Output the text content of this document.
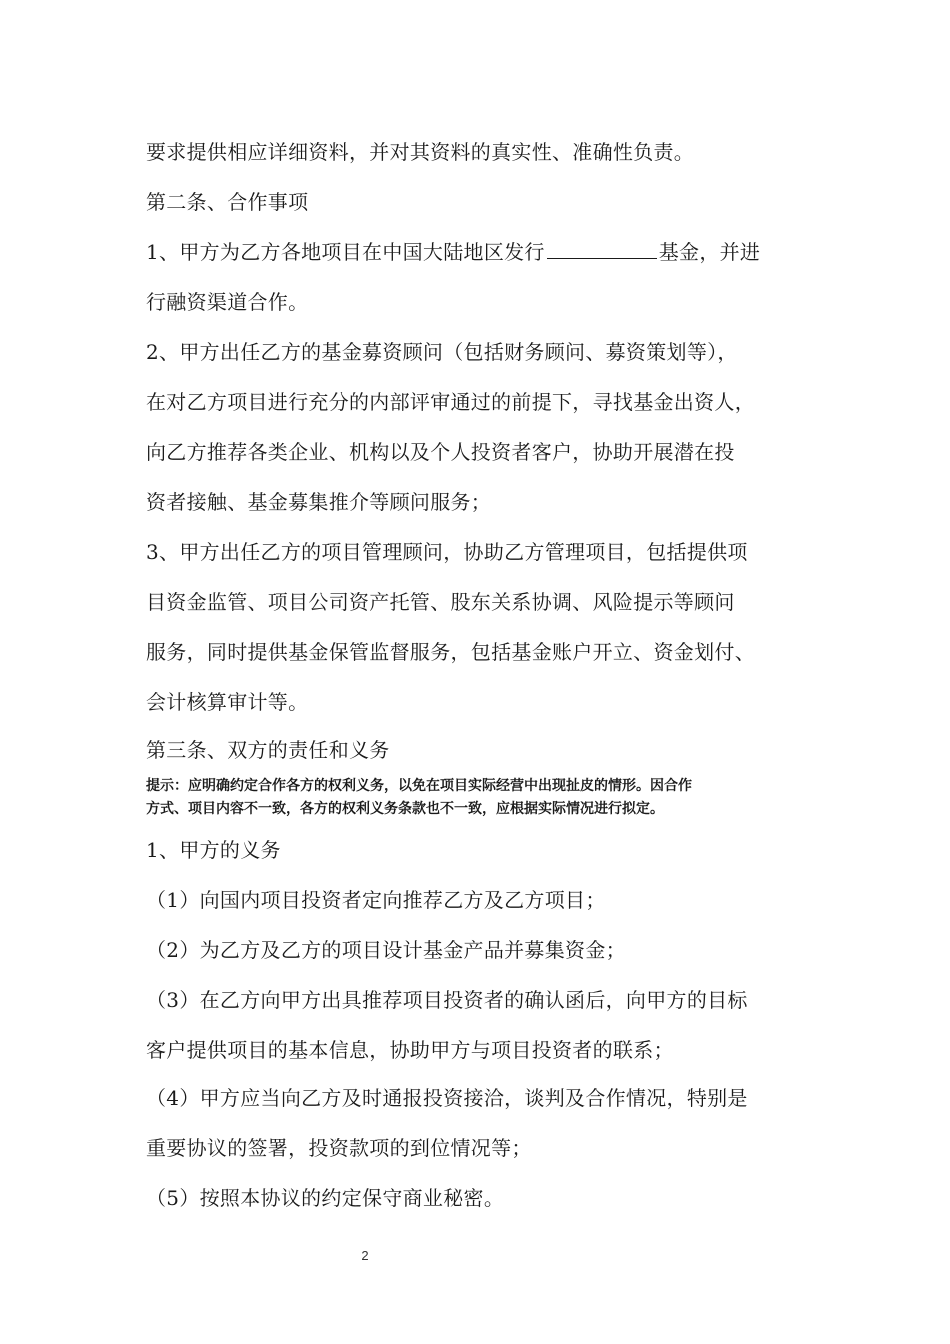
要求提供相应详细资料，并对其资料的真实性、准确性负责。
第二条、合作事项
1、甲方为乙方各地项目在中国大陆地区发行	基金，并进
行融资渠道合作。
2、甲方出任乙方的基金募资顾问（包括财务顾问、募资策划等），
在对乙方项目进行充分的内部评审通过的前提下，寻找基金出资人，
向乙方推荐各类企业、机构以及个人投资者客户，协助开展潜在投
资者接触、基金募集推介等顾问服务；
3、甲方出任乙方的项目管理顾问，协助乙方管理项目，包括提供项
目资金监管、项目公司资产托管、股东关系协调、风险提示等顾问
服务，同时提供基金保管监督服务，包括基金账户开立、资金划付、
会计核算审计等。
第三条、双方的责任和义务
提示：应明确约定合作各方的权利义务，以免在项目实际经营中出现扯皮的情形。因合作
方式、项目内容不一致，各方的权利义务条款也不一致，应根据实际情况进行拟定。
1、甲方的义务
（1）向国内项目投资者定向推荐乙方及乙方项目；
（2）为乙方及乙方的项目设计基金产品并募集资金；
（3）在乙方向甲方出具推荐项目投资者的确认函后，向甲方的目标
客户提供项目的基本信息，协助甲方与项目投资者的联系；
（4）甲方应当向乙方及时通报投资接洽，谈判及合作情况，特别是
重要协议的签署，投资款项的到位情况等；
（5）按照本协议的约定保守商业秘密。
2
